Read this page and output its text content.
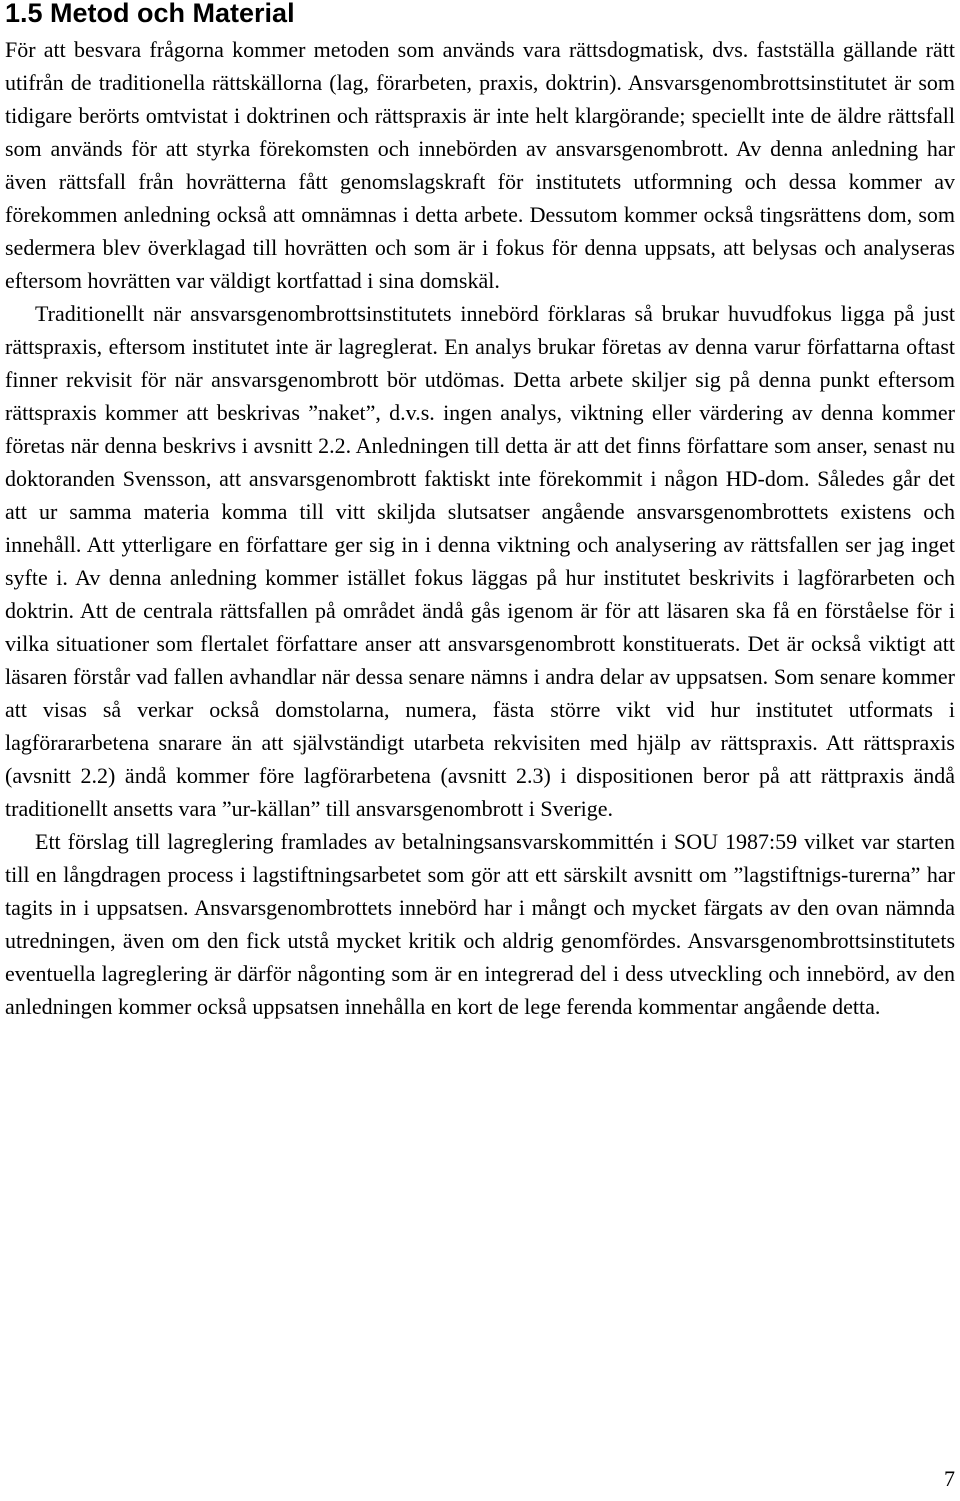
1.5 Metod och Material

För att besvara frågorna kommer metoden som används vara rättsdogmatisk, dvs. fastställa gällande rätt utifrån de traditionella rättskällorna (lag, förarbeten, praxis, doktrin). Ansvarsgenombrottsinstitutet är som tidigare berörts omtvistat i doktrinen och rättspraxis är inte helt klargörande; speciellt inte de äldre rättsfall som används för att styrka förekomsten och innebörden av ansvarsgenombrott. Av denna anledning har även rättsfall från hovrätterna fått genomslagskraft för institutets utformning och dessa kommer av förekommen anledning också att omnämnas i detta arbete. Dessutom kommer också tingsrättens dom, som sedermera blev överklagad till hovrätten och som är i fokus för denna uppsats, att belysas och analyseras eftersom hovrätten var väldigt kortfattad i sina domskäl.

Traditionellt när ansvarsgenombrottsinstitutets innebörd förklaras så brukar huvudfokus ligga på just rättspraxis, eftersom institutet inte är lagreglerat. En analys brukar företas av denna varur författarna oftast finner rekvisit för när ansvarsgenombrott bör utdömas. Detta arbete skiljer sig på denna punkt eftersom rättspraxis kommer att beskrivas ”naket”, d.v.s. ingen analys, viktning eller värdering av denna kommer företas när denna beskrivs i avsnitt 2.2. Anledningen till detta är att det finns författare som anser, senast nu doktoranden Svensson, att ansvarsgenombrott faktiskt inte förekommit i någon HD-dom. Således går det att ur samma materia komma till vitt skiljda slutsatser angående ansvarsgenombrottets existens och innehåll. Att ytterligare en författare ger sig in i denna viktning och analysering av rättsfallen ser jag inget syfte i. Av denna anledning kommer istället fokus läggas på hur institutet beskrivits i lagförarbeten och doktrin. Att de centrala rättsfallen på området ändå gås igenom är för att läsaren ska få en förståelse för i vilka situationer som flertalet författare anser att ansvarsgenombrott konstituerats. Det är också viktigt att läsaren förstår vad fallen avhandlar när dessa senare nämns i andra delar av uppsatsen. Som senare kommer att visas så verkar också domstolarna, numera, fästa större vikt vid hur institutet utformats i lagförararbetena snarare än att självständigt utarbeta rekvisiten med hjälp av rättspraxis. Att rättspraxis (avsnitt 2.2) ändå kommer före lagförarbetena (avsnitt 2.3) i dispositionen beror på att rättpraxis ändå traditionellt ansetts vara ”ur-källan” till ansvarsgenombrott i Sverige.

Ett förslag till lagreglering framlades av betalningsansvarskommittén i SOU 1987:59 vilket var starten till en långdragen process i lagstiftningsarbetet som gör att ett särskilt avsnitt om ”lagstiftnigs-turerna” har tagits in i uppsatsen. Ansvarsgenombrottets innebörd har i mångt och mycket färgats av den ovan nämnda utredningen, även om den fick utstå mycket kritik och aldrig genomfördes. Ansvarsgenombrottsinstitutets eventuella lagreglering är därför någonting som är en integrerad del i dess utveckling och innebörd, av den anledningen kommer också uppsatsen innehålla en kort de lege ferenda kommentar angående detta.

7
